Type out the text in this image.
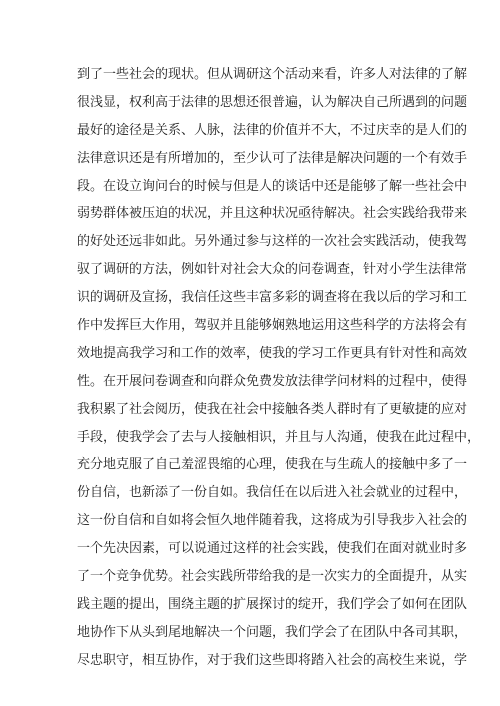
到了一些社会的现状。但从调研这个活动来看，许多人对法律的了解
很浅显，权利高于法律的思想还很普遍，认为解决自己所遇到的问题
最好的途径是关系、人脉，法律的价值并不大，不过庆幸的是人们的
法律意识还是有所增加的，至少认可了法律是解决问题的一个有效手
段。在设立询问台的时候与但是人的谈话中还是能够了解一些社会中
弱势群体被压迫的状况，并且这种状况亟待解决。社会实践给我带来
的好处还远非如此。另外通过参与这样的一次社会实践活动，使我驾
驭了调研的方法，例如针对社会大众的问卷调查，针对小学生法律常
识的调研及宣扬，我信任这些丰富多彩的调查将在我以后的学习和工
作中发挥巨大作用，驾驭并且能够娴熟地运用这些科学的方法将会有
效地提高我学习和工作的效率，使我的学习工作更具有针对性和高效
性。在开展问卷调查和向群众免费发放法律学问材料的过程中，使得
我积累了社会阅历，使我在社会中接触各类人群时有了更敏捷的应对
手段，使我学会了去与人接触相识，并且与人沟通，使我在此过程中，
充分地克服了自己羞涩畏缩的心理，使我在与生疏人的接触中多了一
份自信，也新添了一份自如。我信任在以后进入社会就业的过程中，
这一份自信和自如将会恒久地伴随着我，这将成为引导我步入社会的
一个先决因素，可以说通过这样的社会实践，使我们在面对就业时多
了一个竞争优势。社会实践所带给我的是一次实力的全面提升，从实
践主题的提出，围绕主题的扩展探讨的绽开，我们学会了如何在团队
地协作下从头到尾地解决一个问题，我们学会了在团队中各司其职，
尽忠职守，相互协作，对于我们这些即将踏入社会的高校生来说，学
